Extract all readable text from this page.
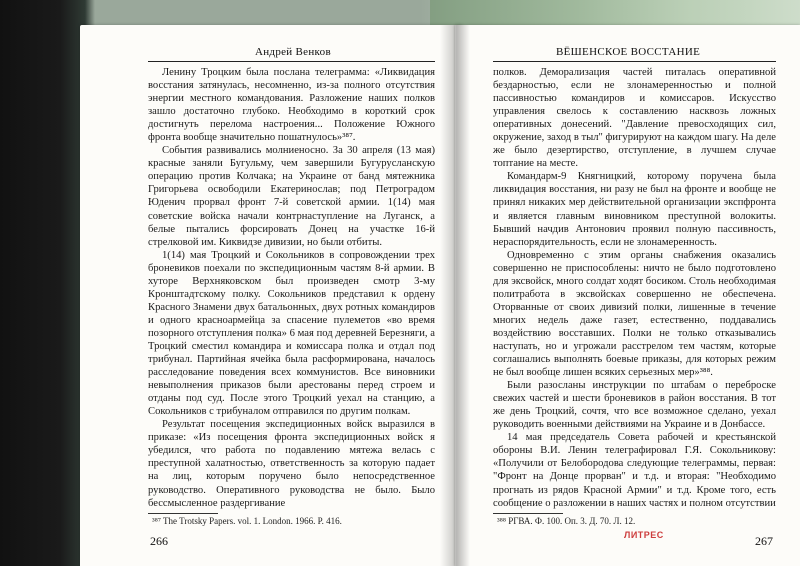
Андрей Венков

Ленину Троцким была послана телеграмма: «Ликвидация восстания затянулась, несомненно, из-за полного отсутствия энергии местного командования. Разложение наших полков зашло достаточно глубоко. Необходимо в короткий срок достигнуть перелома настроения... Положение Южного фронта вообще значительно пошатнулось»³⁸⁷.

События развивались молниеносно. За 30 апреля (13 мая) красные заняли Бугульму, чем завершили Бугурусланскую операцию против Колчака; на Украине от банд мятежника Григорьева освободили Екатеринослав; под Петроградом Юденич прорвал фронт 7-й советской армии. 1(14) мая советские войска начали контрнаступление на Луганск, а белые пытались форсировать Донец на участке 16-й стрелковой им. Киквидзе дивизии, но были отбиты.

1(14) мая Троцкий и Сокольников в сопровождении трех броневиков поехали по экспедиционным частям 8-й армии. В хуторе Верхняковском был произведен смотр 3-му Кронштадтскому полку. Сокольников представил к ордену Красного Знамени двух батальонных, двух ротных командиров и одного красноармейца за спасение пулеметов «во время позорного отступления полка» 6 мая под деревней Березняги, а Троцкий сместил командира и комиссара полка и отдал под трибунал. Партийная ячейка была расформирована, началось расследование поведения всех коммунистов. Все виновники невыполнения приказов были арестованы перед строем и отданы под суд. После этого Троцкий уехал на станцию, а Сокольников с трибуналом отправился по другим полкам.

Результат посещения экспедиционных войск выразился в приказе: «Из посещения фронта экспедиционных войск я убедился, что работа по подавлению мятежа велась с преступной халатностью, ответственность за которую падает на лиц, которым поручено было непосредственное руководство. Оперативного руководства не было. Было бессмысленное раздергивание

³⁸⁷ The Trotsky Papers. vol. 1. London. 1966. P. 416.
266
ВЁШЕНСКОЕ ВОССТАНИЕ

полков. Деморализация частей питалась оперативной бездарностью, если не злонамеренностью и полной пассивностью командиров и комиссаров. Искусство управления свелось к составлению насквозь ложных оперативных донесений. "Давление превосходящих сил, окружение, заход в тыл" фигурируют на каждом шагу. На деле же было дезертирство, отступление, в лучшем случае топтание на месте.

Командарм-9 Княгницкий, которому поручена была ликвидация восстания, ни разу не был на фронте и вообще не принял никаких мер действительной организации экспфронта и является главным виновником преступной волокиты. Бывший начдив Антонович проявил полную пассивность, нераспорядительность, если не злонамеренность.

Одновременно с этим органы снабжения оказались совершенно не приспособлены: ничто не было подготовлено для эксвойск, много солдат ходят босиком. Столь необходимая политработа в эксвойсках совершенно не обеспечена. Оторванные от своих дивизий полки, лишенные в течение многих недель даже газет, естественно, поддавались воздействию восставших. Полки не только отказывались наступать, но и угрожали расстрелом тем частям, которые соглашались выполнять боевые приказы, для которых режим не был вообще лишен всяких серьезных мер»³⁸⁸.

Были разосланы инструкции по штабам о переброске свежих частей и шести броневиков в район восстания. В тот же день Троцкий, сочтя, что все возможное сделано, уехал руководить военными действиями на Украине и в Донбассе.

14 мая председатель Совета рабочей и крестьянской обороны В.И. Ленин телеграфировал Г.Я. Сокольникову: «Получили от Белобородова следующие телеграммы, первая: "Фронт на Донце прорван" и т.д. и вторая: "Необходимо прогнать из рядов Красной Армии" и т.д. Кроме того, есть сообщение о разложении в наших частях и полном отсутствии

³⁸⁸ РГВА. Ф. 100. Оп. 3. Д. 70. Л. 12.
ЛИТРЕС	267
